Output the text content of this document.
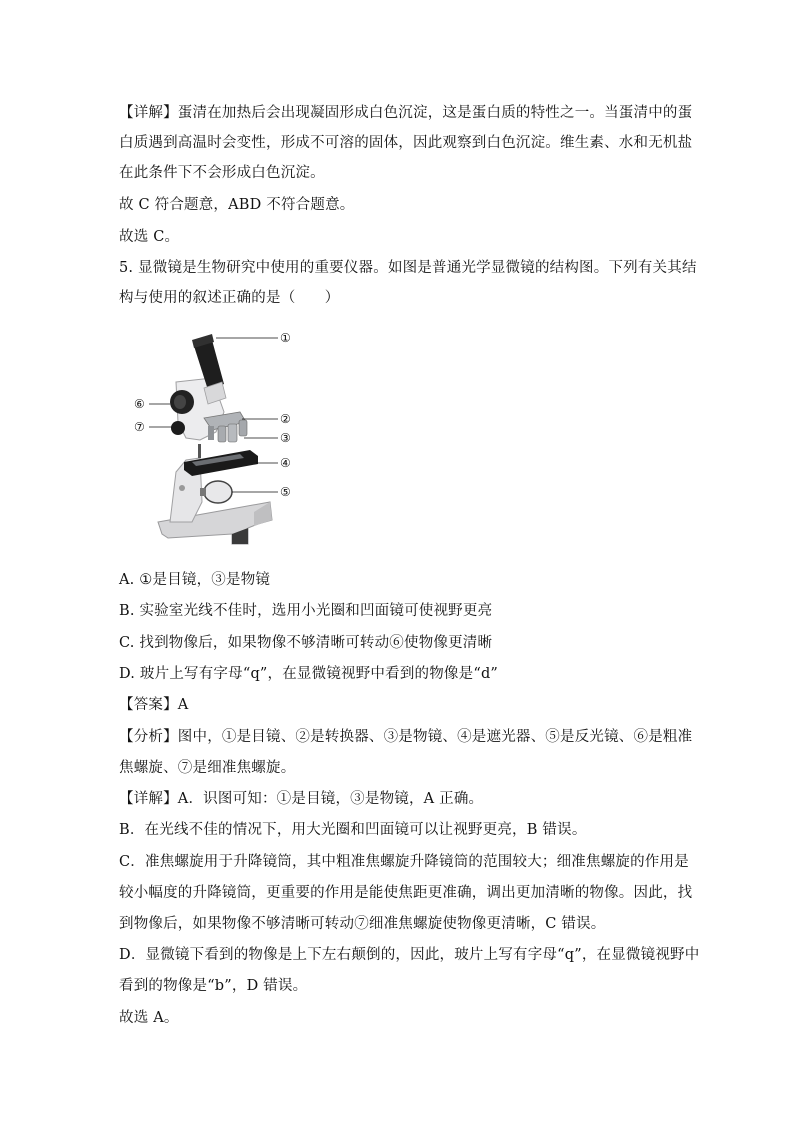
【详解】蛋清在加热后会出现凝固形成白色沉淀，这是蛋白质的特性之一。当蛋清中的蛋
白质遇到高温时会变性，形成不可溶的固体，因此观察到白色沉淀。维生素、水和无机盐
在此条件下不会形成白色沉淀。
故 C 符合题意，ABD 不符合题意。
故选 C。
5. 显微镜是生物研究中使用的重要仪器。如图是普通光学显微镜的结构图。下列有关其结
构与使用的叙述正确的是（　　）
①
②
③
④
⑤
⑥
⑦
A. ①是目镜，③是物镜
B. 实验室光线不佳时，选用小光圈和凹面镜可使视野更亮
C. 找到物像后，如果物像不够清晰可转动⑥使物像更清晰
D. 玻片上写有字母“q”，在显微镜视野中看到的物像是“d”
【答案】A
【分析】图中，①是目镜、②是转换器、③是物镜、④是遮光器、⑤是反光镜、⑥是粗准
焦螺旋、⑦是细准焦螺旋。
【详解】A．识图可知：①是目镜，③是物镜，A 正确。
B．在光线不佳的情况下，用大光圈和凹面镜可以让视野更亮，B 错误。
C．准焦螺旋用于升降镜筒，其中粗准焦螺旋升降镜筒的范围较大；细准焦螺旋的作用是
较小幅度的升降镜筒，更重要的作用是能使焦距更准确，调出更加清晰的物像。因此，找
到物像后，如果物像不够清晰可转动⑦细准焦螺旋使物像更清晰，C 错误。
D．显微镜下看到的物像是上下左右颠倒的，因此，玻片上写有字母“q”，在显微镜视野中
看到的物像是“b”，D 错误。
故选 A。
